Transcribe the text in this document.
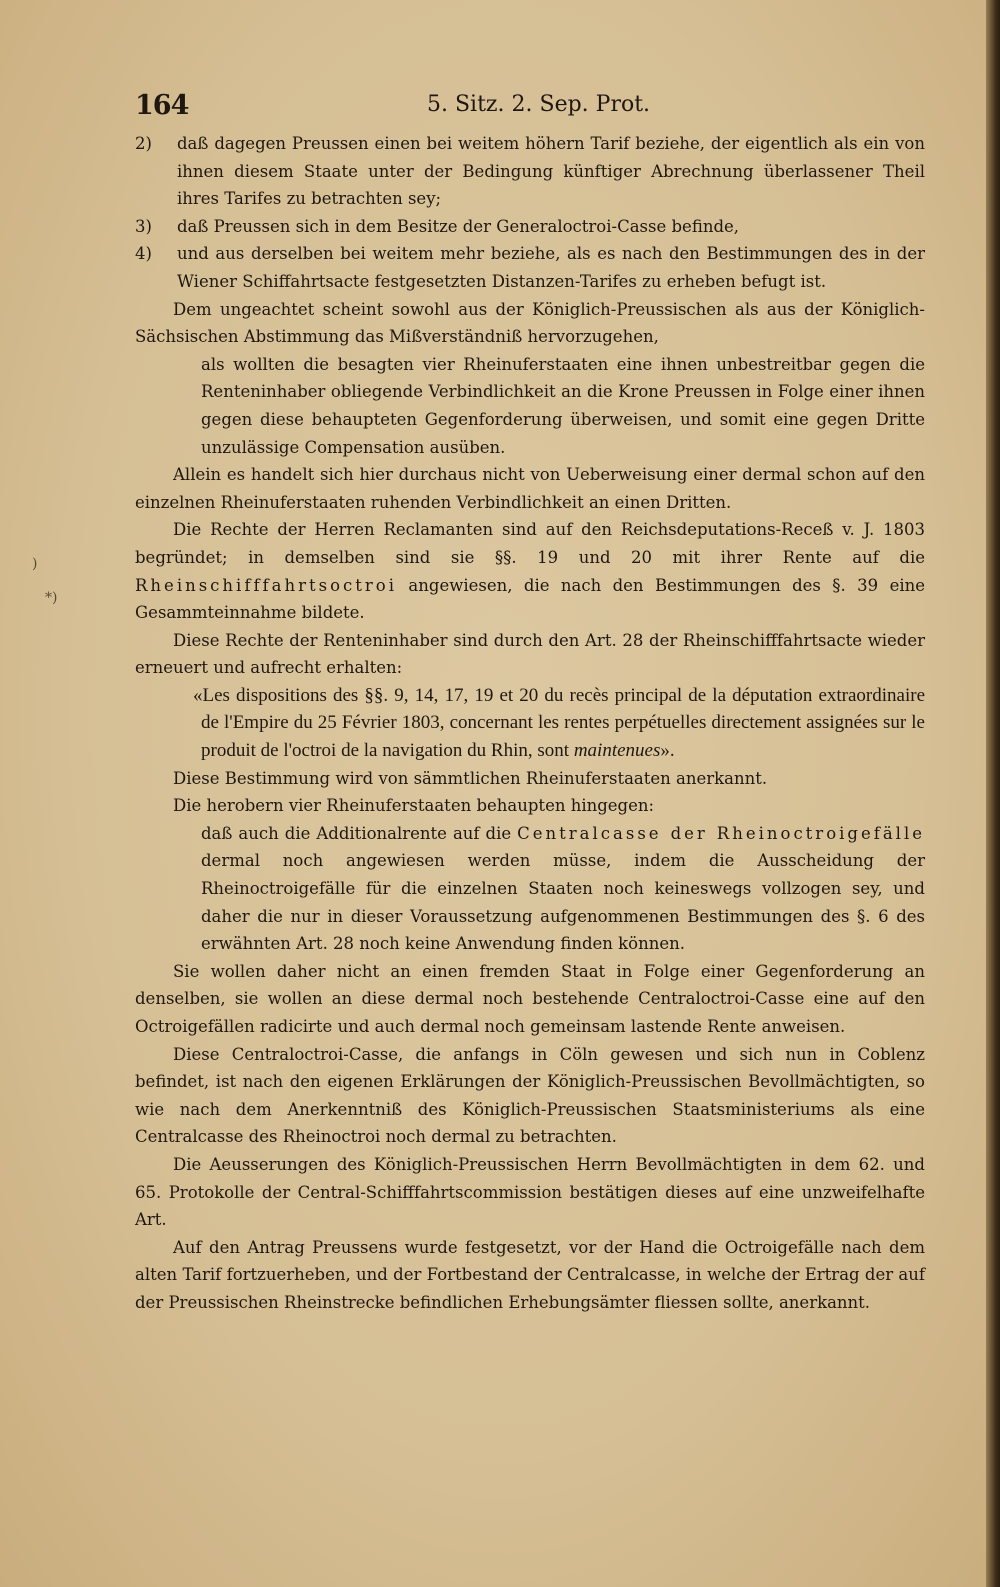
164	5. Sitz. 2. Sep. Prot.
)
*)

2) daß dagegen Preussen einen bei weitem höhern Tarif beziehe, der eigentlich als ein von ihnen diesem Staate unter der Bedingung künftiger Abrechnung überlassener Theil ihres Tarifes zu betrachten sey;

3) daß Preussen sich in dem Besitze der Generaloctroi-Casse befinde,

4) und aus derselben bei weitem mehr beziehe, als es nach den Bestimmungen des in der Wiener Schiffahrtsacte festgesetzten Distanzen-Tarifes zu erheben befugt ist.

Dem ungeachtet scheint sowohl aus der Königlich-Preussischen als aus der Königlich-Sächsischen Abstimmung das Mißverständniß hervorzugehen,

als wollten die besagten vier Rheinuferstaaten eine ihnen unbestreitbar gegen die Renteninhaber obliegende Verbindlichkeit an die Krone Preussen in Folge einer ihnen gegen diese behaupteten Gegenforderung überweisen, und somit eine gegen Dritte unzulässige Compensation ausüben.

Allein es handelt sich hier durchaus nicht von Ueberweisung einer dermal schon auf den einzelnen Rheinuferstaaten ruhenden Verbindlichkeit an einen Dritten.

Die Rechte der Herren Reclamanten sind auf den Reichsdeputations-Receß v. J. 1803 begründet; in demselben sind sie §§. 19 und 20 mit ihrer Rente auf die Rheinschifffahrtsoctroi angewiesen, die nach den Bestimmungen des §. 39 eine Gesammteinnahme bildete.

Diese Rechte der Renteninhaber sind durch den Art. 28 der Rheinschifffahrtsacte wieder erneuert und aufrecht erhalten:

«Les dispositions des §§. 9, 14, 17, 19 et 20 du recès principal de la députation extraordinaire de l'Empire du 25 Février 1803, concernant les rentes perpétuelles directement assignées sur le produit de l'octroi de la navigation du Rhin, sont maintenues».

Diese Bestimmung wird von sämmtlichen Rheinuferstaaten anerkannt.

Die herobern vier Rheinuferstaaten behaupten hingegen:

daß auch die Additionalrente auf die Centralcasse der Rheinoctroigefälle dermal noch angewiesen werden müsse, indem die Ausscheidung der Rheinoctroigefälle für die einzelnen Staaten noch keineswegs vollzogen sey, und daher die nur in dieser Voraussetzung aufgenommenen Bestimmungen des §. 6 des erwähnten Art. 28 noch keine Anwendung finden können.

Sie wollen daher nicht an einen fremden Staat in Folge einer Gegenforderung an denselben, sie wollen an diese dermal noch bestehende Centraloctroi-Casse eine auf den Octroigefällen radicirte und auch dermal noch gemeinsam lastende Rente anweisen.

Diese Centraloctroi-Casse, die anfangs in Cöln gewesen und sich nun in Coblenz befindet, ist nach den eigenen Erklärungen der Königlich-Preussischen Bevollmächtigten, so wie nach dem Anerkenntniß des Königlich-Preussischen Staatsministeriums als eine Centralcasse des Rheinoctroi noch dermal zu betrachten.

Die Aeusserungen des Königlich-Preussischen Herrn Bevollmächtigten in dem 62. und 65. Protokolle der Central-Schifffahrtscommission bestätigen dieses auf eine unzweifelhafte Art.

Auf den Antrag Preussens wurde festgesetzt, vor der Hand die Octroigefälle nach dem alten Tarif fortzuerheben, und der Fortbestand der Centralcasse, in welche der Ertrag der auf der Preussischen Rheinstrecke befindlichen Erhebungsämter fliessen sollte, anerkannt.
